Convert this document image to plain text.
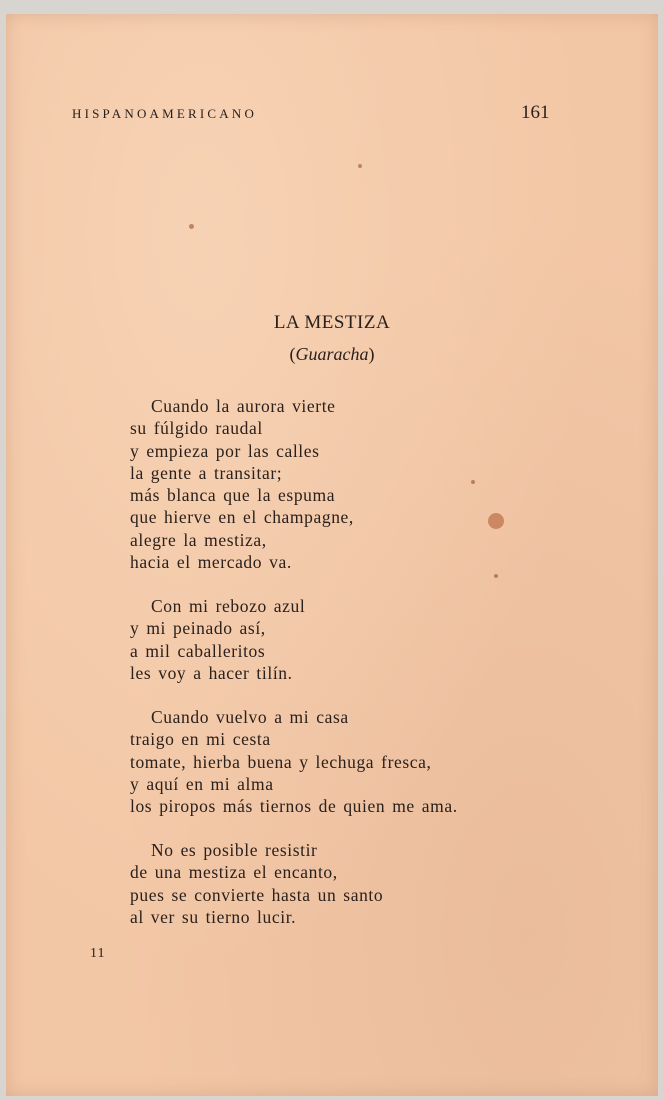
HISPANOAMERICANO	161
LA MESTIZA
(Guaracha)
Cuando la aurora vierte
su fúlgido raudal
y empieza por las calles
la gente a transitar;
más blanca que la espuma
que hierve en el champagne,
alegre la mestiza,
hacia el mercado va.
Con mi rebozo azul
y mi peinado así,
a mil caballeritos
les voy a hacer tilín.
Cuando vuelvo a mi casa
traigo en mi cesta
tomate, hierba buena y lechuga fresca,
y aquí en mi alma
los piropos más tiernos de quien me ama.
No es posible resistir
de una mestiza el encanto,
pues se convierte hasta un santo
al ver su tierno lucir.
11
